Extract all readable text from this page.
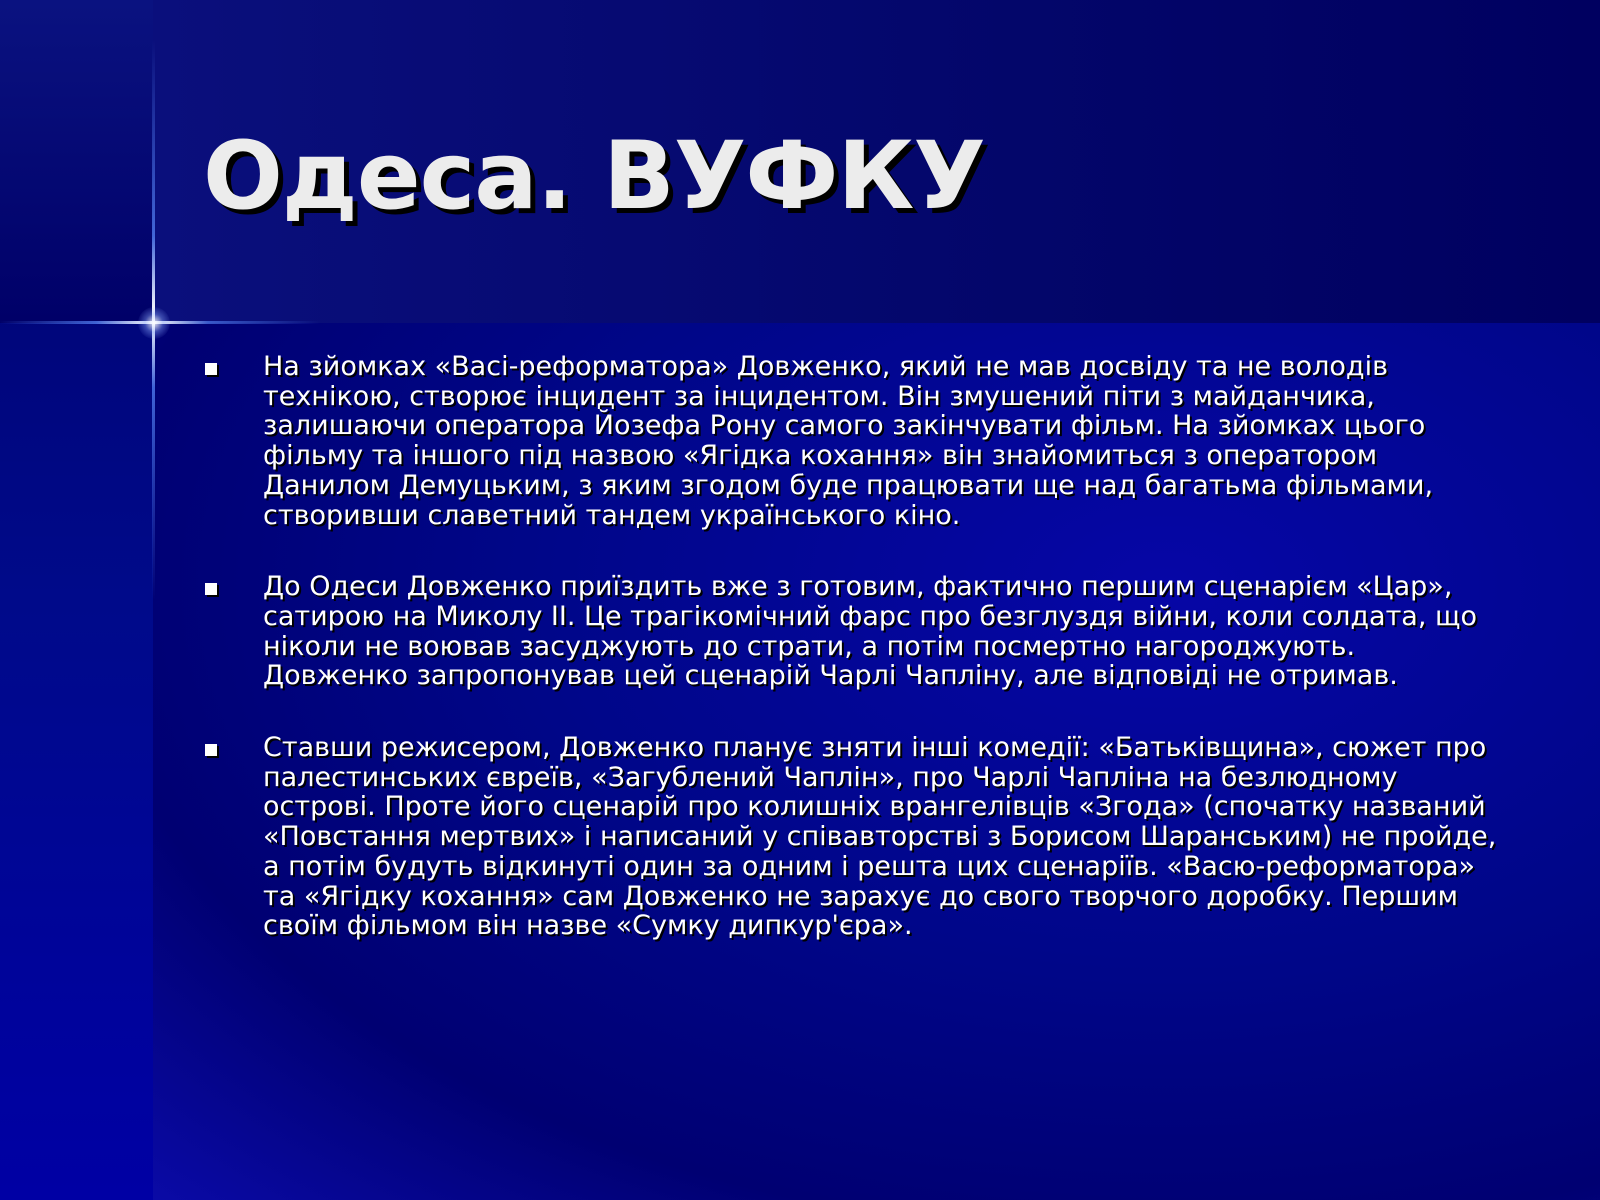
Одеса. ВУФКУ
На зйомках «Васі-реформатора» Довженко, який не мав досвіду та не володів технікою, створює інцидент за інцидентом. Він змушений піти з майданчика, залишаючи оператора Йозефа Рону самого закінчувати фільм. На зйомках цього фільму та іншого під назвою «Ягідка кохання» він знайомиться з оператором Данилом Демуцьким, з яким згодом буде працювати ще над багатьма фільмами, створивши славетний тандем українського кіно.
До Одеси Довженко приїздить вже з готовим, фактично першим сценарієм «Цар», сатирою на Миколу ІІ. Це трагікомічний фарс про безглуздя війни, коли солдата, що ніколи не воював засуджують до страти, а потім посмертно нагороджують. Довженко запропонував цей сценарій Чарлі Чапліну, але відповіді не отримав.
Ставши режисером, Довженко планує зняти інші комедії: «Батьківщина», сюжет про палестинських євреїв, «Загублений Чаплін», про Чарлі Чапліна на безлюдному острові. Проте його сценарій про колишніх врангелівців «Згода» (спочатку названий «Повстання мертвих» і написаний у співавторстві з Борисом Шаранським) не пройде, а потім будуть відкинуті один за одним і решта цих сценаріїв. «Васю-реформатора» та «Ягідку кохання» сам Довженко не зарахує до свого творчого доробку. Першим своїм фільмом він назве «Сумку дипкур'єра».
